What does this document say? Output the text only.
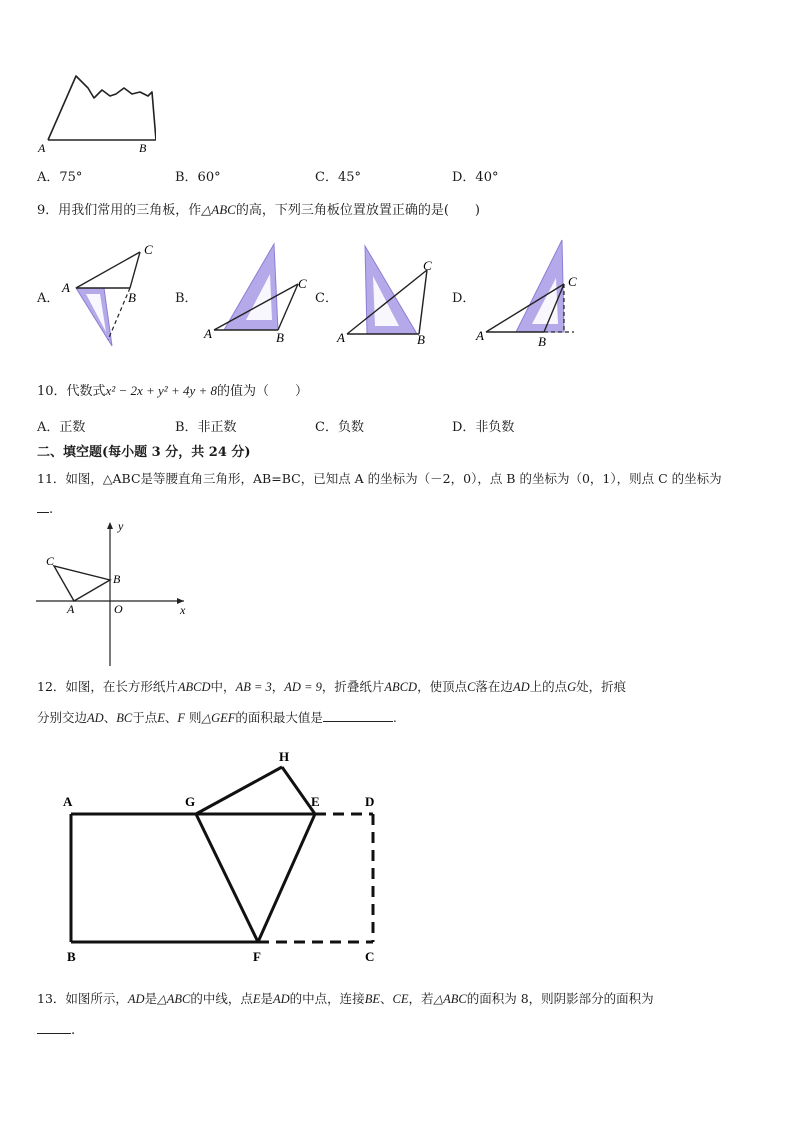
A	B
A．75°	B．60°	C．45°	D．40°
9．用我们常用的三角板，作△ABC的高，下列三角板位置放置正确的是(　　)
A．	B．	C．	D．
A
B
C
A	B
C
A	B
C
A	B
C
10．代数式x² − 2x + y² + 4y + 8的值为（　　）
A．正数	B．非正数	C．负数	D．非负数
二、填空题(每小题 3 分，共 24 分)
11．如图，△ABC是等腰直角三角形，AB=BC，已知点 A 的坐标为（－2，0），点 B 的坐标为（0，1），则点 C 的坐标为
.
y
x
O
A
B
C
12．如图，在长方形纸片ABCD中，AB = 3，AD = 9，折叠纸片ABCD，使顶点C落在边AD上的点G处，折痕
分别交边AD、BC于点E、F 则△GEF的面积最大值是	.
A	G	E	D
H
B	F	C
13．如图所示，AD是△ABC的中线，点E是AD的中点，连接BE、CE，若△ABC的面积为 8，则阴影部分的面积为
.
